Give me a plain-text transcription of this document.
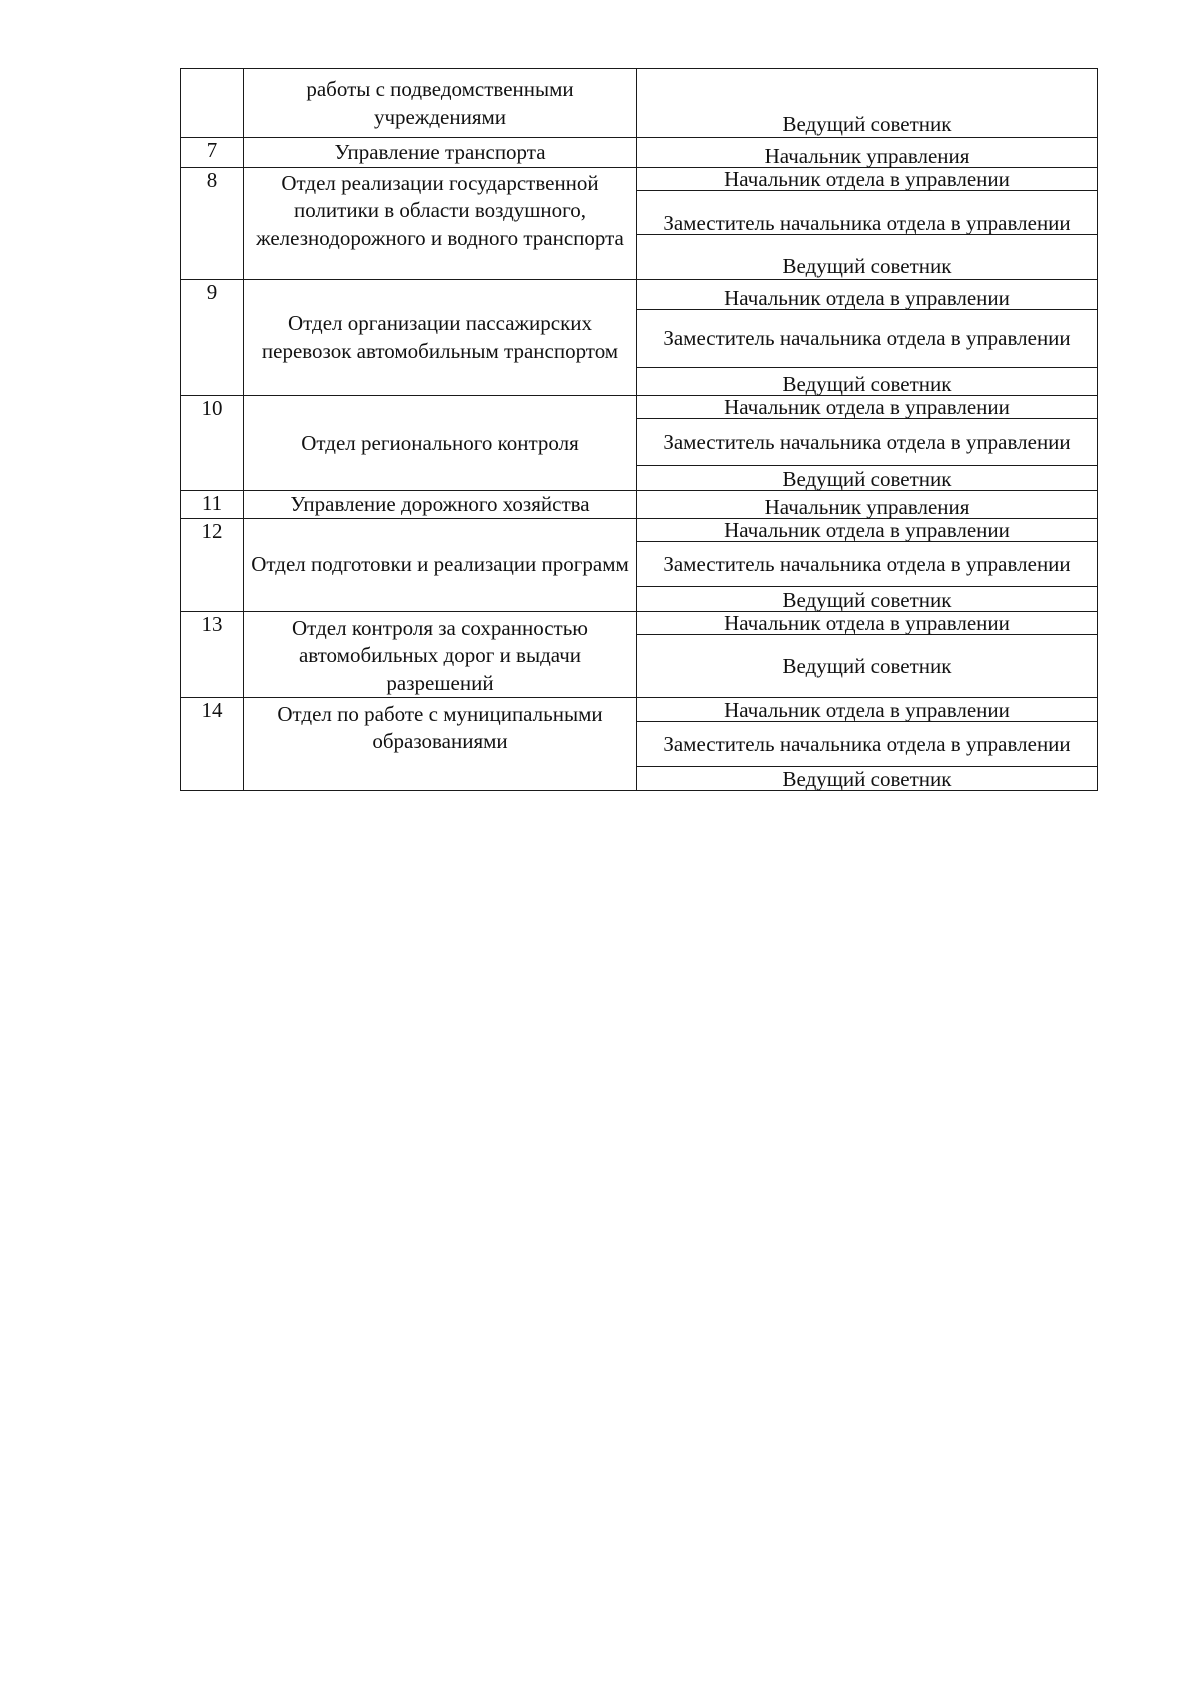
	работы с подведомственными учреждениями	Ведущий советник
7	Управление транспорта	Начальник управления
8	Отдел реализации государственной политики в области воздушного, железнодорожного и водного транспорта	Начальник отдела в управлении
		Заместитель начальника отдела в управлении
		Ведущий советник
9	Отдел организации пассажирских перевозок автомобильным транспортом	Начальник отдела в управлении
		Заместитель начальника отдела в управлении
		Ведущий советник
10	Отдел регионального контроля	Начальник отдела в управлении
		Заместитель начальника отдела в управлении
		Ведущий советник
11	Управление дорожного хозяйства	Начальник управления
12	Отдел подготовки и реализации программ	Начальник отдела в управлении
		Заместитель начальника отдела в управлении
		Ведущий советник
13	Отдел контроля за сохранностью автомобильных дорог и выдачи разрешений	Начальник отдела в управлении
		Ведущий советник
14	Отдел по работе с муниципальными образованиями	Начальник отдела в управлении
		Заместитель начальника отдела в управлении
		Ведущий советник
